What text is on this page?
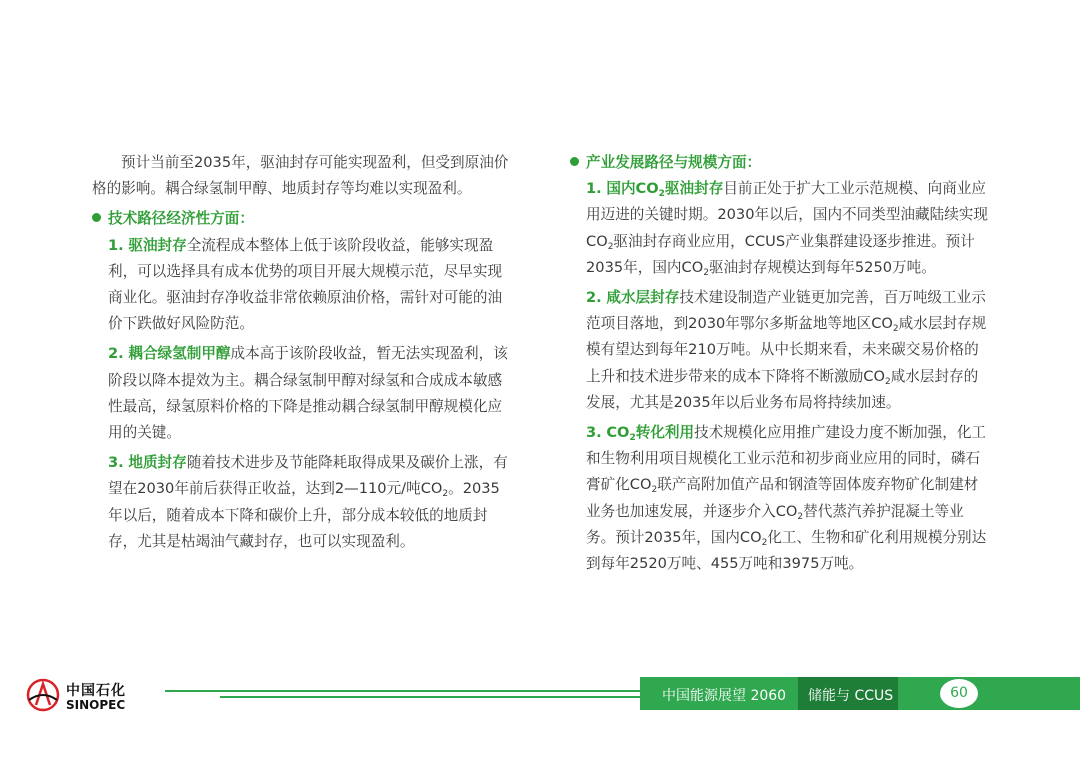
预计当前至2035年，驱油封存可能实现盈利，但受到原油价格的影响。耦合绿氢制甲醇、地质封存等均难以实现盈利。

技术路径经济性方面：

1. 驱油封存全流程成本整体上低于该阶段收益，能够实现盈利，可以选择具有成本优势的项目开展大规模示范，尽早实现商业化。驱油封存净收益非常依赖原油价格，需针对可能的油价下跌做好风险防范。

2. 耦合绿氢制甲醇成本高于该阶段收益，暂无法实现盈利，该阶段以降本提效为主。耦合绿氢制甲醇对绿氢和合成成本敏感性最高，绿氢原料价格的下降是推动耦合绿氢制甲醇规模化应用的关键。

3. 地质封存随着技术进步及节能降耗取得成果及碳价上涨，有望在2030年前后获得正收益，达到2—110元/吨$CO_2$。2035年以后，随着成本下降和碳价上升，部分成本较低的地质封存，尤其是枯竭油气藏封存，也可以实现盈利。

产业发展路径与规模方面：

1. 国内$CO_2$驱油封存目前正处于扩大工业示范规模、向商业应用迈进的关键时期。2030年以后，国内不同类型油藏陆续实现$CO_2$驱油封存商业应用，CCUS产业集群建设逐步推进。预计2035年，国内$CO_2$驱油封存规模达到每年5250万吨。

2. 咸水层封存技术建设制造产业链更加完善，百万吨级工业示范项目落地，到2030年鄂尔多斯盆地等地区$CO_2$咸水层封存规模有望达到每年210万吨。从中长期来看，未来碳交易价格的上升和技术进步带来的成本下降将不断激励$CO_2$咸水层封存的发展，尤其是2035年以后业务布局将持续加速。

3. $CO_2$转化利用技术规模化应用推广建设力度不断加强，化工和生物利用项目规模化工业示范和初步商业应用的同时，磷石膏矿化$CO_2$联产高附加值产品和钢渣等固体废弃物矿化制建材业务也加速发展，并逐步介入$CO_2$替代蒸汽养护混凝土等业务。预计2035年，国内$CO_2$化工、生物和矿化利用规模分别达到每年2520万吨、455万吨和3975万吨。

中国石化
SINOPEC
中国能源展望 2060 储能与 CCUS	60
